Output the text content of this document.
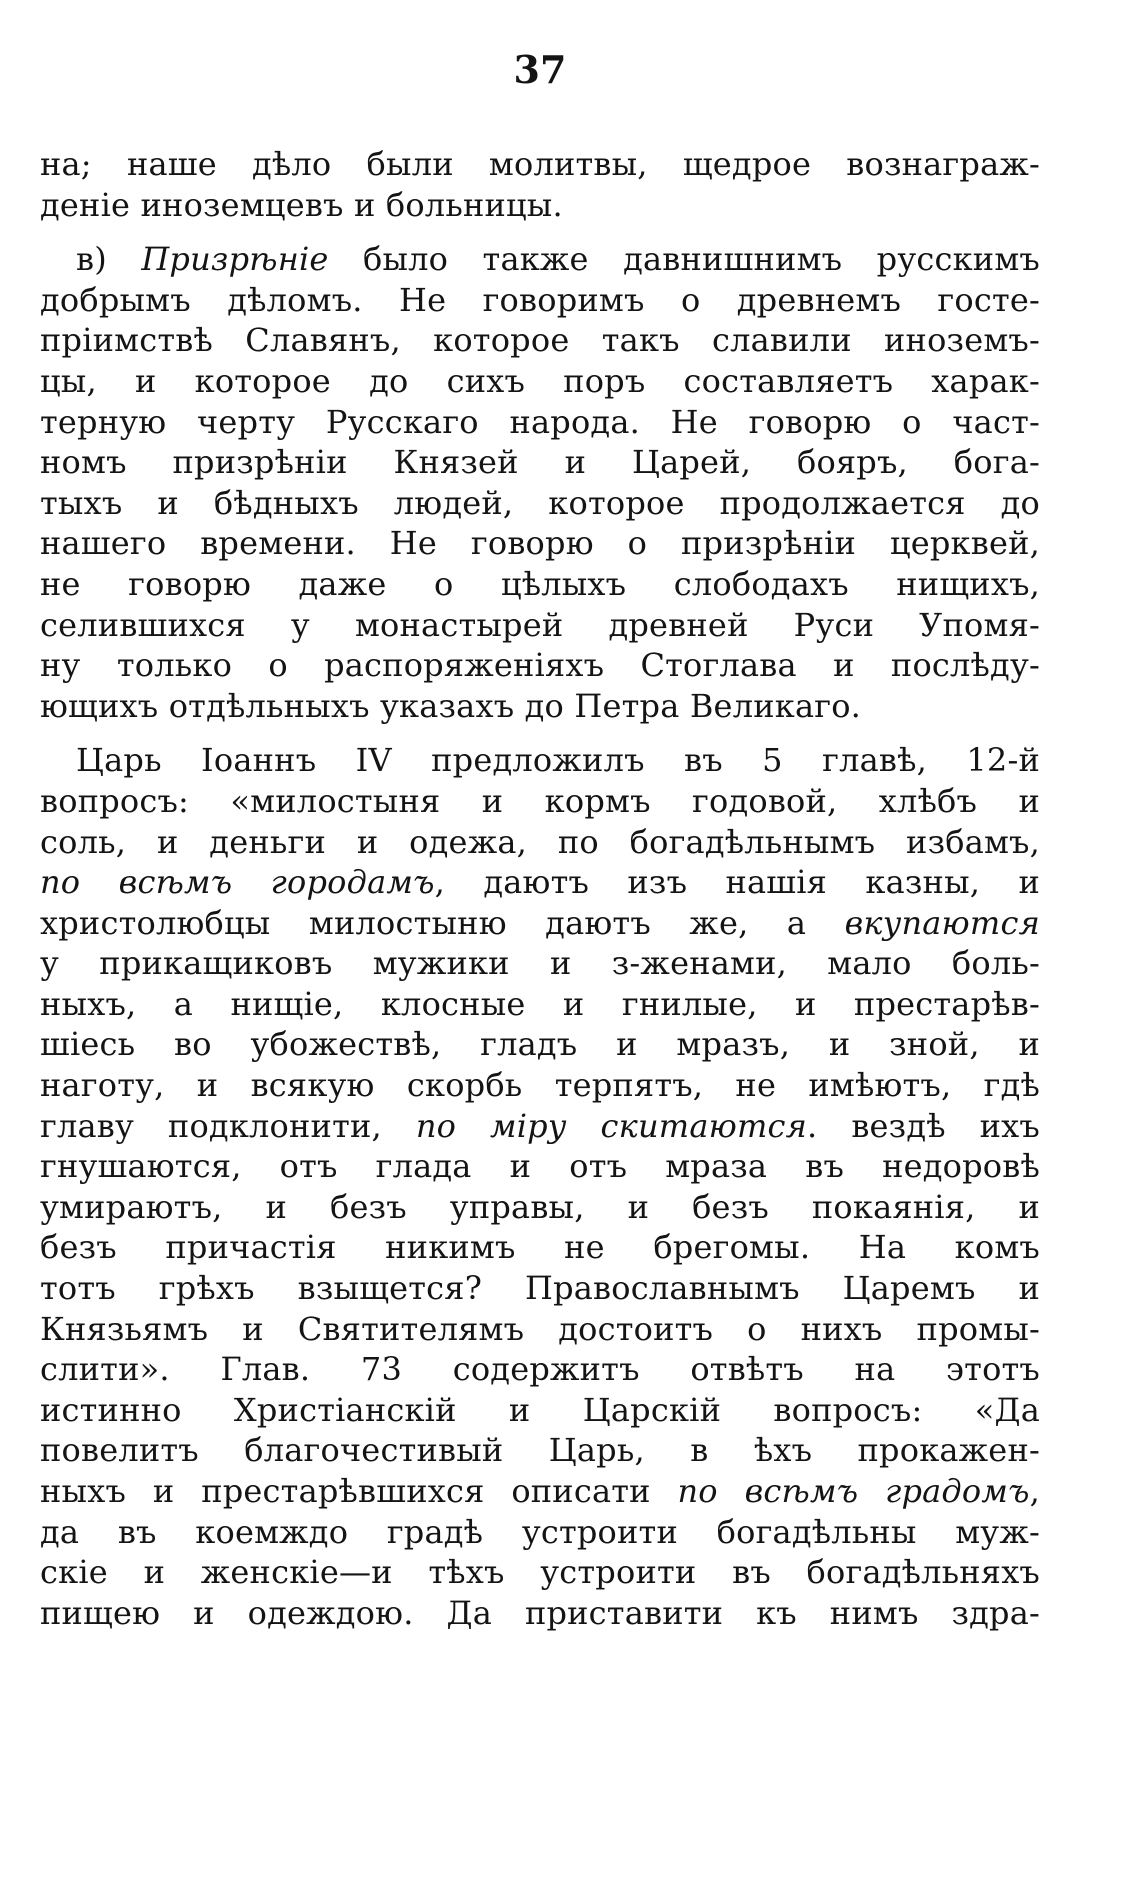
37
на; наше дѣло были молитвы, щедрое вознаграж-
деніе иноземцевъ и больницы.
в) Призрѣніе было также давнишнимъ русскимъ
добрымъ дѣломъ. Не говоримъ о древнемъ госте-
пріимствѣ Славянъ, которое такъ славили иноземъ-
цы, и которое до сихъ поръ составляетъ харак-
терную черту Русскаго народа. Не говорю о част-
номъ призрѣніи Князей и Царей, бояръ, бога-
тыхъ и бѣдныхъ людей, которое продолжается до
нашего времени. Не говорю о призрѣніи церквей,
не говорю даже о цѣлыхъ слободахъ нищихъ,
селившихся у монастырей древней Руси Упомя-
ну только о распоряженіяхъ Стоглава и послѣду-
ющихъ отдѣльныхъ указахъ до Петра Великаго.
Царь Іоаннъ IV предложилъ въ 5 главѣ, 12-й
вопросъ: «милостыня и кормъ годовой, хлѣбъ и
соль, и деньги и одежа, по богадѣльнымъ избамъ,
по всѣмъ городамъ, даютъ изъ нашія казны, и
христолюбцы милостыню даютъ же, а вкупаются
у прикащиковъ мужики и з-женами, мало боль-
ныхъ, а нищіе, клосные и гнилые, и престарѣв-
шіесь во убожествѣ, гладъ и мразъ, и зной, и
наготу, и всякую скорбь терпятъ, не имѣютъ, гдѣ
главу подклонити, по міру скитаются. вездѣ ихъ
гнушаются, отъ глада и отъ мраза въ недоровѣ
умираютъ, и безъ управы, и безъ покаянія, и
безъ причастія никимъ не брегомы. На комъ
тотъ грѣхъ взыщется? Православнымъ Царемъ и
Князьямъ и Святителямъ достоитъ о нихъ промы-
слити». Глав. 73 содержитъ отвѣтъ на этотъ
истинно Христіанскій и Царскій вопросъ: «Да
повелитъ благочестивый Царь, в ѣхъ прокажен-
ныхъ и престарѣвшихся описати по всѣмъ градомъ,
да въ коемждо градѣ устроити богадѣльны муж-
скіе и женскіе—и тѣхъ устроити въ богадѣльняхъ
пищею и одеждою. Да приставити къ нимъ здра-
